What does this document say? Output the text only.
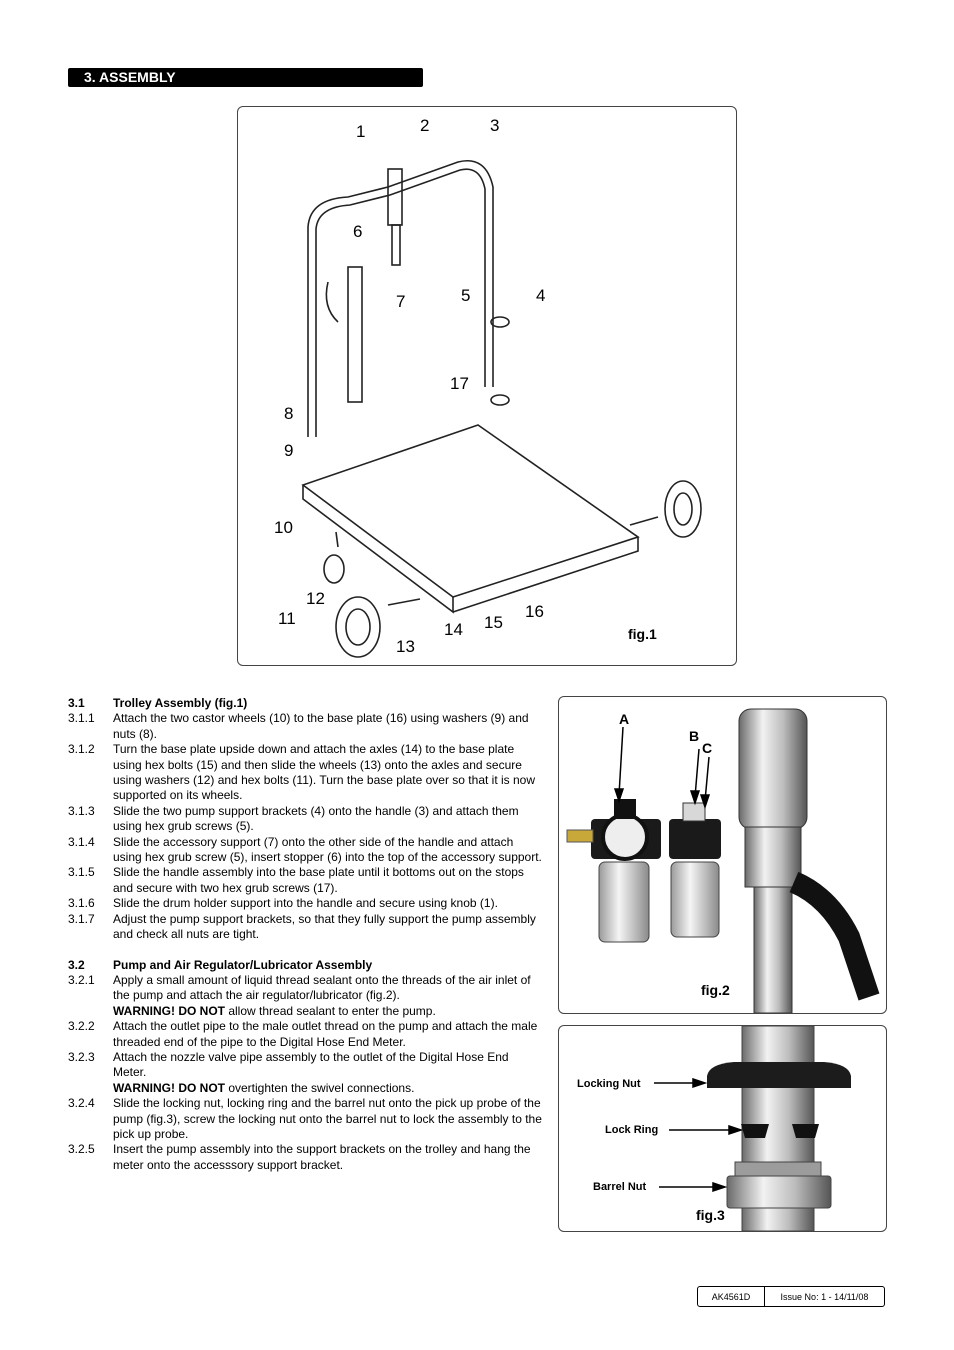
3. ASSEMBLY
1	2	3
4
5
6
7
8
9
10
11
12
13
14 15
16
17
fig.1
3.1	Trolley Assembly (fig.1)
3.1.1	Attach the two castor wheels (10) to the base plate (16) using washers (9) and nuts (8).
3.1.2	Turn the base plate upside down and attach the axles (14) to the base plate using hex bolts (15) and then slide the wheels (13) onto the axles and secure using washers (12) and hex bolts (11). Turn the base plate over so that it is now supported on its wheels.
3.1.3	Slide the two pump support brackets (4) onto the handle (3) and attach them using hex grub screws (5).
3.1.4	Slide the accessory support (7) onto the other side of the handle and attach using hex grub screw (5), insert stopper (6) into the top of the accessory support.
3.1.5	Slide the handle assembly into the base plate until it bottoms out on the stops and secure with two hex grub screws (17).
3.1.6	Slide the drum holder support into the handle and secure using knob (1).
3.1.7	Adjust the pump support brackets, so that they fully support the pump assembly and check all nuts are tight.
3.2	Pump and Air Regulator/Lubricator Assembly
3.2.1	Apply a small amount of liquid thread sealant onto the threads of the air inlet of the pump and attach the air regulator/lubricator (fig.2).
WARNING! DO NOT allow thread sealant to enter the pump.
3.2.2	Attach the outlet pipe to the male outlet thread on the pump and attach the male threaded end of the pipe to the Digital Hose End Meter.
3.2.3	Attach the nozzle valve pipe assembly to the outlet of the Digital Hose End Meter.
WARNING! DO NOT overtighten the swivel connections.
3.2.4	Slide the locking nut, locking ring and the barrel nut onto the pick up probe of the pump (fig.3), screw the locking nut onto the barrel nut to lock the assembly to the pick up probe.
3.2.5	Insert the pump assembly into the support brackets on the trolley and hang the meter onto the accesssory support bracket.
A
B
C
fig.2
Locking Nut
Lock Ring
Barrel Nut
fig.3
AK4561D	Issue No: 1 - 14/11/08
